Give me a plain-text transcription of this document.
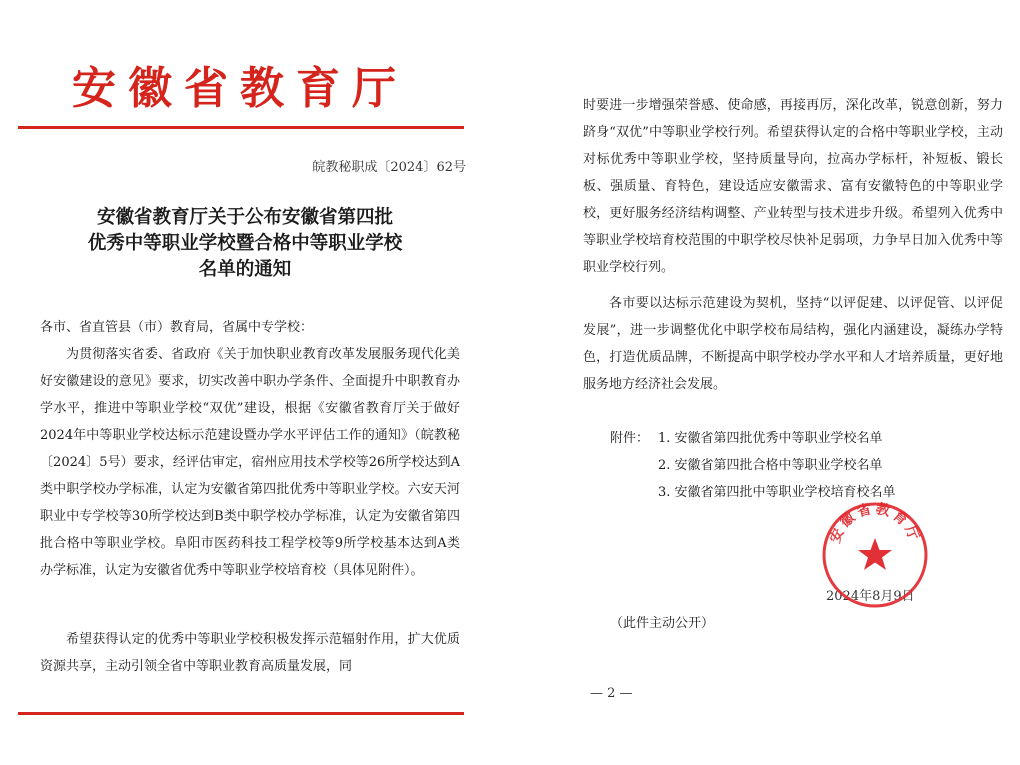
安徽省教育厅
皖教秘职成〔2024〕62号
安徽省教育厅关于公布安徽省第四批
优秀中等职业学校暨合格中等职业学校
名单的通知
各市、省直管县（市）教育局，省属中专学校：
为贯彻落实省委、省政府《关于加快职业教育改革发展服务现代化美好安徽建设的意见》要求，切实改善中职办学条件、全面提升中职教育办学水平，推进中等职业学校“双优”建设，根据《安徽省教育厅关于做好2024年中等职业学校达标示范建设暨办学水平评估工作的通知》（皖教秘〔2024〕5号）要求，经评估审定，宿州应用技术学校等26所学校达到A类中职学校办学标准，认定为安徽省第四批优秀中等职业学校。六安天河职业中专学校等30所学校达到B类中职学校办学标准，认定为安徽省第四批合格中等职业学校。阜阳市医药科技工程学校等9所学校基本达到A类办学标准，认定为安徽省优秀中等职业学校培育校（具体见附件）。
希望获得认定的优秀中等职业学校积极发挥示范辐射作用，扩大优质资源共享，主动引领全省中等职业教育高质量发展，同
时要进一步增强荣誉感、使命感，再接再厉，深化改革，锐意创新，努力跻身“双优”中等职业学校行列。希望获得认定的合格中等职业学校，主动对标优秀中等职业学校，坚持质量导向，拉高办学标杆，补短板、锻长板、强质量、育特色，建设适应安徽需求、富有安徽特色的中等职业学校，更好服务经济结构调整、产业转型与技术进步升级。希望列入优秀中等职业学校培育校范围的中职学校尽快补足弱项，力争早日加入优秀中等职业学校行列。
各市要以达标示范建设为契机，坚持“以评促建、以评促管、以评促发展”，进一步调整优化中职学校布局结构，强化内涵建设，凝练办学特色，打造优质品牌，不断提高中职学校办学水平和人才培养质量，更好地服务地方经济社会发展。
附件： 1. 安徽省第四批优秀中等职业学校名单
2. 安徽省第四批合格中等职业学校名单
3. 安徽省第四批中等职业学校培育校名单
2024年8月9日
安徽省教育厅
（此件主动公开）
— 2 —
